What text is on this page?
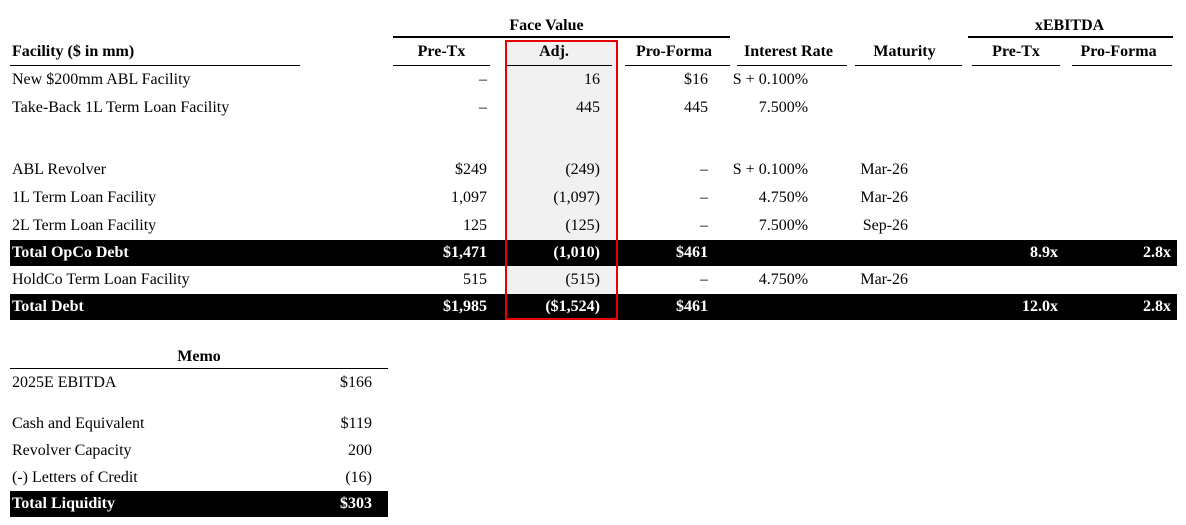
	Face Value					xEBITDA	
Facility ($ in mm)	Pre-Tx	Adj.	Pro-Forma	Interest Rate	Maturity	Pre-Tx	Pro-Forma
New $200mm ABL Facility	–	16	$16	S + 0.100%			
Take-Back 1L Term Loan Facility	–	445	445	7.500%			

ABL Revolver	$249	(249)	–	S + 0.100%	Mar-26		
1L Term Loan Facility	1,097	(1,097)	–	4.750%	Mar-26		
2L Term Loan Facility	125	(125)	–	7.500%	Sep-26		
Total OpCo Debt	$1,471	(1,010)	$461			8.9x	2.8x
HoldCo Term Loan Facility	515	(515)	–	4.750%	Mar-26		
Total Debt	$1,985	($1,524)	$461			12.0x	2.8x
Memo	
2025E EBITDA	$166

Cash and Equivalent	$119
Revolver Capacity	200
(-) Letters of Credit	(16)
Total Liquidity	$303
